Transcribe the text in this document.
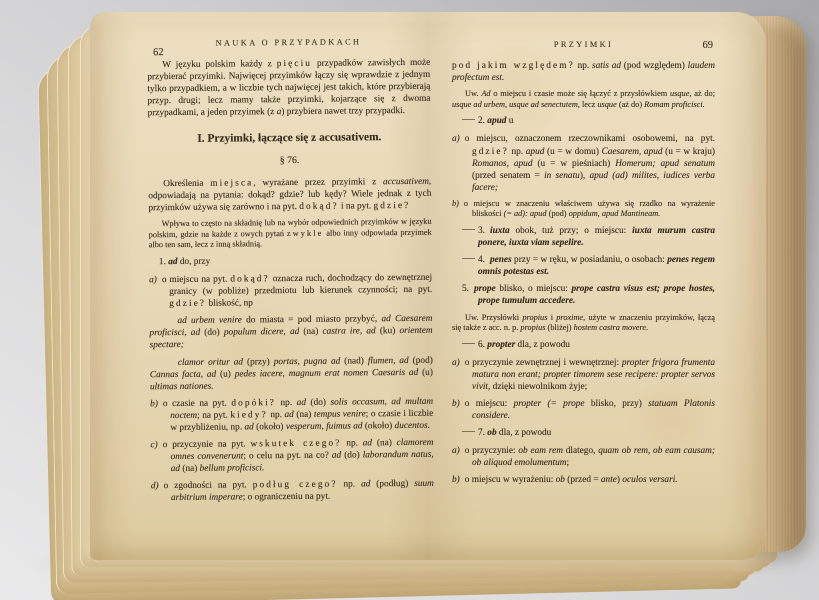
62
NAUKA O PRZYPADKACH
W języku polskim każdy z pięciu przypadków zawisłych może przybierać przyimki. Najwięcej przyimków łączy się wprawdzie z jednym tylko przypadkiem, a w liczbie tych najwięcej jest takich, które przybierają przyp. drugi; lecz mamy także przyimki, kojarzące się z dwoma przypadkami, a jeden przyimek (z a) przybiera nawet trzy przypadki.
I. Przyimki, łączące się z accusativem.
§ 76.
Określenia miejsca, wyrażane przez przyimki z accusativem, odpowiadają na pytania: dokąd? gdzie? lub kędy? Wiele jednak z tych przyimków używa się zarówno i na pyt. dokąd? i na pyt. gdzie?
Wpływa to często na składnię lub na wybór odpowiednich przyimków w języku polskim, gdzie na każde z owych pytań zwykle albo inny odpowiada przyimek albo ten sam, lecz z inną składnią.
1. ad do, przy
a) o miejscu na pyt. dokąd? oznacza ruch, dochodzący do zewnętrznej granicy (w pobliże) przedmiotu lub kierunek czynności; na pyt. gdzie? bliskość, np
ad urbem venire do miasta = pod miasto przybyć, ad Caesarem proficisci, ad (do) populum dicere, ad (na) castra ire, ad (ku) orientem spectare;
clamor oritur ad (przy) portas, pugna ad (nad) flumen, ad (pod) Cannas facta, ad (u) pedes iacere, magnum erat nomen Caesaris ad (u) ultimas nationes.
b) o czasie na pyt. dopóki? np. ad (do) solis occasum, ad multam noctem; na pyt. kiedy? np. ad (na) tempus venire; o czasie i liczbie w przybliżeniu, np. ad (około) vesperum, fuimus ad (około) ducentos.
c) o przyczynie na pyt. wskutek czego? np. ad (na) clamorem omnes convenerunt; o celu na pyt. na co? ad (do) laborandum natus, ad (na) bellum proficisci.
d) o zgodności na pyt. podług czego? np. ad (podług) suum arbitrium imperare; o ograniczeniu na pyt.
PRZYIMKI	69
pod jakim względem? np. satis ad (pod względem) laudem profectum est.
Uw. Ad o miejscu i czasie może się łączyć z przysłówkiem usque, aż do; usque ad urbem, usque ad senectutem, lecz usque (aż do) Romam proficisci.
2. apud u
a) o miejscu, oznaczonem rzeczownikami osobowemi, na pyt. gdzie? np. apud (u = w domu) Caesarem, apud (u = w kraju) Romanos, apud (u = w pieśniach) Homerum; apud senatum (przed senatem = in senatu), apud (ad) milites, iudices verba facere;
b) o miejscu w znaczeniu właściwem używa się rzadko na wyrażenie bliskości (= ad): apud (pod) oppidum, apud Mantineam.
3. iuxta obok, tuż przy; o miejscu: iuxta murum castra ponere, iuxta viam sepelire.
4. penes przy = w ręku, w posiadaniu, o osobach: penes regem omnis potestas est.
5. prope blisko, o miejscu: prope castra visus est; prope hostes, prope tumulum accedere.
Uw. Przysłówki propius i proxime, użyte w znaczeniu przyimków, łączą się także z acc. n. p. propius (bliżej) hostem castra movere.
6. propter dla, z powodu
a) o przyczynie zewnętrznej i wewnętrznej: propter frigora frumenta matura non erant; propter timorem sese recipere: propter servos vivit, dzięki niewolnikom żyje;
b) o miejscu: propter (= prope blisko, przy) statuam Platonis considere.
7. ob dla, z powodu
a) o przyczynie: ob eam rem dlatego, quam ob rem, ob eam causam; ob aliquod emolumentum;
b) o miejscu w wyrażeniu: ob (przed = ante) oculos versari.
